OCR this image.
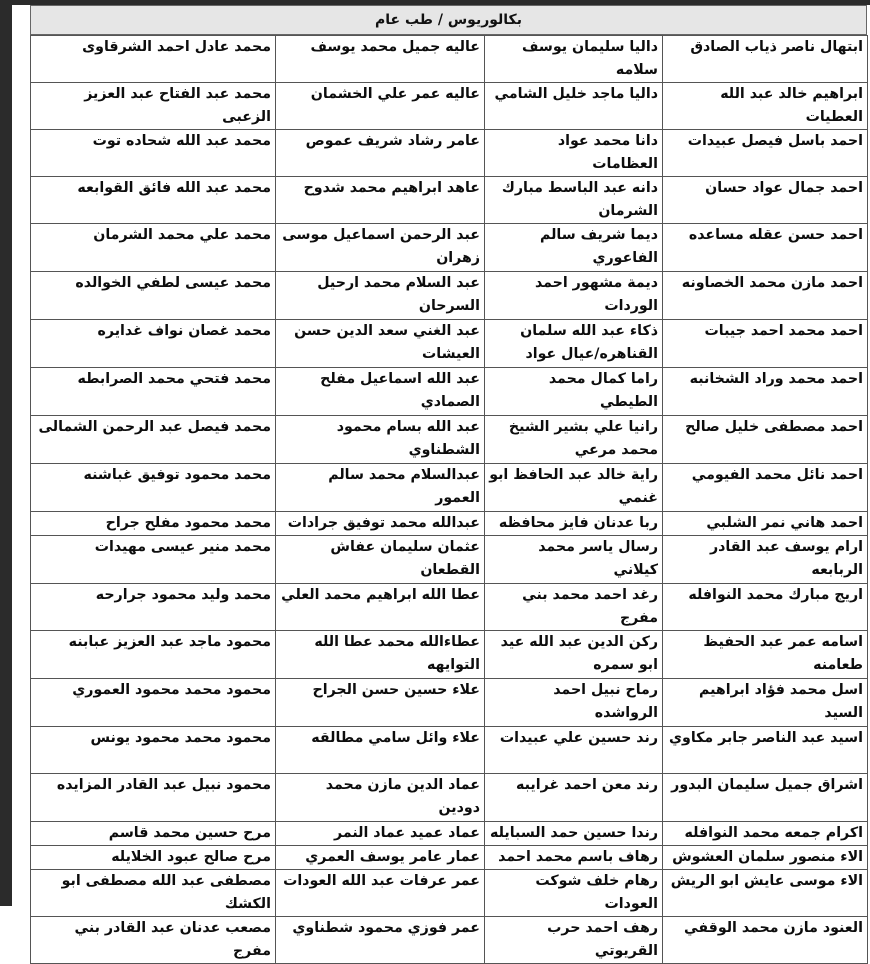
بكالوريوس / طب عام
ابتهال ناصر ذياب الصادق	داليا سليمان يوسف سلامه	عاليه جميل محمد يوسف	محمد عادل احمد الشرقاوى
ابراهيم خالد عبد الله العطيات	داليا ماجد خليل الشامي	عاليه عمر علي الخشمان	محمد عبد الفتاح عبد العزيز الزعبى
احمد باسل فيصل عبيدات	دانا محمد عواد العظامات	عامر رشاد شريف عموص	محمد عبد الله شحاده توت
احمد جمال عواد حسان	دانه عبد الباسط مبارك الشرمان	عاهد ابراهيم محمد شدوح	محمد عبد الله فائق القوابعه
احمد حسن عقله مساعده	ديما شريف سالم الفاعوري	عبد الرحمن اسماعيل موسى زهران	محمد علي محمد الشرمان
احمد مازن محمد الخصاونه	ديمة مشهور احمد الوردات	عبد السلام محمد ارحيل السرحان	محمد عيسى لطفي الخوالده
احمد محمد احمد جيبات	ذكاء عبد الله سلمان القناهره/عيال عواد	عبد الغني سعد الدين حسن العيشات	محمد غصان نواف غدايره
احمد محمد وراد الشخانبه	راما كمال محمد الطيطي	عبد الله اسماعيل مفلح الصمادي	محمد فتحي محمد الصرابطه
احمد مصطفى خليل صالح	رانيا علي بشير الشيخ محمد مرعي	عبد الله بسام محمود الشطناوي	محمد فيصل عبد الرحمن الشمالى
احمد نائل محمد الفيومي	راية خالد عبد الحافظ ابو غنمي	عبدالسلام محمد سالم العمور	محمد محمود توفيق غباشنه
احمد هاني نمر الشلبي	ربا عدنان فايز محافظه	عبدالله محمد توفيق جرادات	محمد محمود مفلح جراح
ارام يوسف عبد القادر الربابعه	رسال ياسر محمد كيلاني	عثمان سليمان عفاش القطعان	محمد منير عيسى مهيدات
اريج مبارك محمد النوافله	رغد احمد محمد بني مفرج	عطا الله ابراهيم محمد العلي	محمد وليد محمود جرارحه
اسامه عمر عبد الحفيظ طعامنه	ركن الدين عبد الله عيد ابو سمره	عطاءالله محمد عطا الله التوايهه	محمود ماجد عبد العزيز عبابنه
اسل محمد فؤاد ابراهيم السيد	رماح نبيل احمد الرواشده	علاء حسين حسن الجراح	محمود محمد محمود العموري
اسيد عبد الناصر جابر مكاوي	رند حسين علي عبيدات	علاء وائل سامي مطالقه	محمود محمد محمود يونس
اشراق جميل سليمان البدور	رند معن احمد غرايبه	عماد الدين مازن محمد دودين	محمود نبيل عبد القادر المزايده
اكرام جمعه محمد النوافله	رندا حسين حمد السبايله	عماد عميد عماد النمر	مرح حسين محمد قاسم
الاء منصور سلمان العشوش	رهاف باسم محمد احمد	عمار عامر يوسف العمري	مرح صالح عبود الخلايله
الاء موسى عايش ابو الريش	رهام خلف شوكت العودات	عمر عرفات عبد الله العودات	مصطفى عبد الله مصطفى ابو الكشك
العنود مازن محمد الوقفي	رهف احمد حرب القريوتي	عمر فوزي محمود شطناوي	مصعب عدنان عبد القادر بني مفرج
